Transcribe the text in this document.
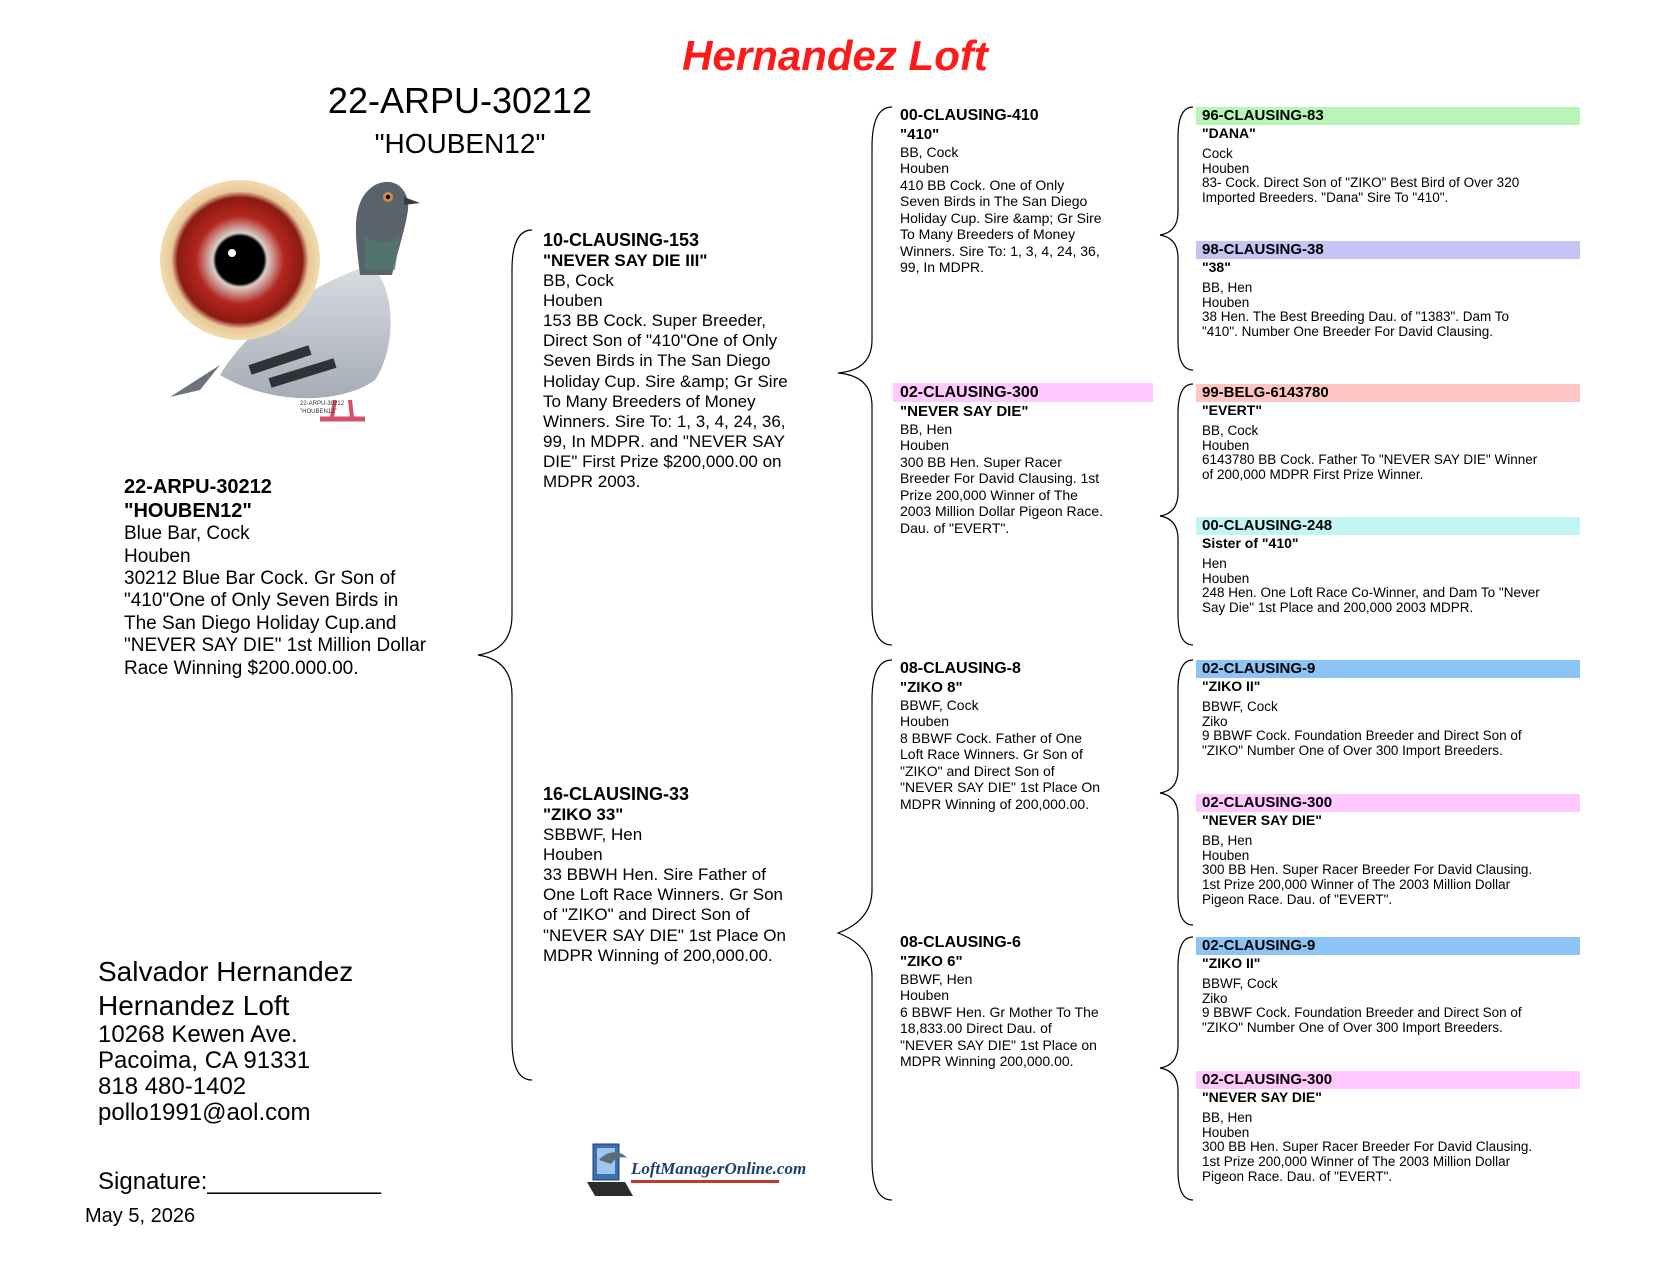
Hernandez Loft
22-ARPU-30212
"HOUBEN12"
22-ARPU-30212
"HOUBEN12"
22-ARPU-30212
"HOUBEN12"
Blue Bar, Cock
Houben
30212 Blue Bar Cock. Gr Son of
"410"One of Only Seven Birds in
The San Diego Holiday Cup.and
"NEVER SAY DIE" 1st Million Dollar
Race Winning $200.000.00.
10-CLAUSING-153
"NEVER SAY DIE III"
BB, Cock
Houben
153 BB Cock. Super Breeder,
Direct Son of "410"One of Only
Seven Birds in The San Diego
Holiday Cup. Sire &amp; Gr Sire
To Many Breeders of Money
Winners. Sire To: 1, 3, 4, 24, 36,
99, In MDPR. and "NEVER SAY
DIE" First Prize $200,000.00 on
MDPR 2003.
16-CLAUSING-33
"ZIKO 33"
SBBWF, Hen
Houben
33 BBWH Hen. Sire Father of
One Loft Race Winners. Gr Son
of "ZIKO" and Direct Son of
"NEVER SAY DIE" 1st Place On
MDPR Winning of 200,000.00.
00-CLAUSING-410
"410"
BB, Cock
Houben
410 BB Cock. One of Only
Seven Birds in The San Diego
Holiday Cup. Sire &amp; Gr Sire
To Many Breeders of Money
Winners. Sire To: 1, 3, 4, 24, 36,
99, In MDPR.
02-CLAUSING-300
"NEVER SAY DIE"
BB, Hen
Houben
300 BB Hen. Super Racer
Breeder For David Clausing. 1st
Prize 200,000 Winner of The
2003 Million Dollar Pigeon Race.
Dau. of "EVERT".
08-CLAUSING-8
"ZIKO 8"
BBWF, Cock
Houben
8 BBWF Cock. Father of One
Loft Race Winners. Gr Son of
"ZIKO" and Direct Son of
"NEVER SAY DIE" 1st Place On
MDPR Winning of 200,000.00.
08-CLAUSING-6
"ZIKO 6"
BBWF, Hen
Houben
6 BBWF Hen. Gr Mother To The
18,833.00 Direct Dau. of
"NEVER SAY DIE" 1st Place on
MDPR Winning 200,000.00.
96-CLAUSING-83
"DANA"
Cock
Houben
83- Cock. Direct Son of "ZIKO" Best Bird of Over 320
Imported Breeders. "Dana" Sire To "410".
98-CLAUSING-38
"38"
BB, Hen
Houben
38 Hen. The Best Breeding Dau. of "1383". Dam To
"410". Number One Breeder For David Clausing.
99-BELG-6143780
"EVERT"
BB, Cock
Houben
6143780 BB Cock. Father To "NEVER SAY DIE" Winner
of 200,000 MDPR First Prize Winner.
00-CLAUSING-248
Sister of "410"
Hen
Houben
248 Hen. One Loft Race Co-Winner, and Dam To "Never
Say Die" 1st Place and 200,000 2003 MDPR.
02-CLAUSING-9
"ZIKO II"
BBWF, Cock
Ziko
9 BBWF Cock. Foundation Breeder and Direct Son of
"ZIKO" Number One of Over 300 Import Breeders.
02-CLAUSING-300
"NEVER SAY DIE"
BB, Hen
Houben
300 BB Hen. Super Racer Breeder For David Clausing.
1st Prize 200,000 Winner of The 2003 Million Dollar
Pigeon Race. Dau. of "EVERT".
02-CLAUSING-9
"ZIKO II"
BBWF, Cock
Ziko
9 BBWF Cock. Foundation Breeder and Direct Son of
"ZIKO" Number One of Over 300 Import Breeders.
02-CLAUSING-300
"NEVER SAY DIE"
BB, Hen
Houben
300 BB Hen. Super Racer Breeder For David Clausing.
1st Prize 200,000 Winner of The 2003 Million Dollar
Pigeon Race. Dau. of "EVERT".
Salvador Hernandez
Hernandez Loft
10268 Kewen Ave.
Pacoima, CA 91331
818 480-1402
pollo1991@aol.com
Signature:_____________
May 5, 2026
LoftManagerOnline.com
